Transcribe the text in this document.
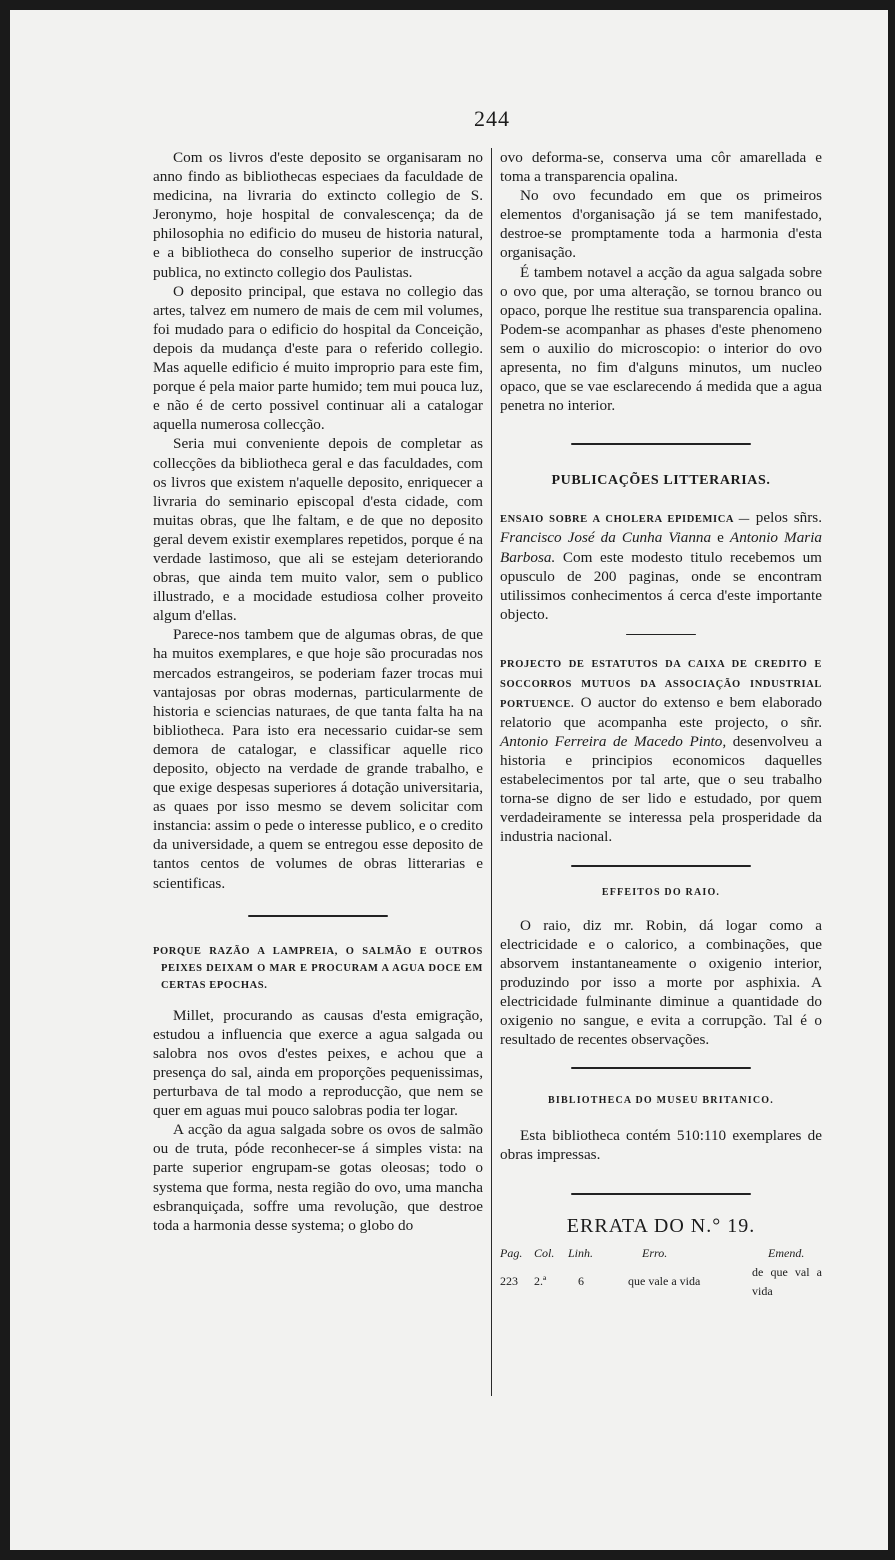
244

Com os livros d'este deposito se organisaram no anno findo as bibliothecas especiaes da faculdade de medicina, na livraria do extincto collegio de S. Jeronymo, hoje hospital de convalescença; da de philosophia no edificio do museu de historia natural, e a bibliotheca do conselho superior de instrucção publica, no extincto collegio dos Paulistas.

O deposito principal, que estava no collegio das artes, talvez em numero de mais de cem mil volumes, foi mudado para o edificio do hospital da Conceição, depois da mudança d'este para o referido collegio. Mas aquelle edificio é muito improprio para este fim, porque é pela maior parte humido; tem mui pouca luz, e não é de certo possivel continuar ali a catalogar aquella numerosa collecção.

Seria mui conveniente depois de completar as collecções da bibliotheca geral e das faculdades, com os livros que existem n'aquelle deposito, enriquecer a livraria do seminario episcopal d'esta cidade, com muitas obras, que lhe faltam, e de que no deposito geral devem existir exemplares repetidos, porque é na verdade lastimoso, que ali se estejam deteriorando obras, que ainda tem muito valor, sem o publico illustrado, e a mocidade estudiosa colher proveito algum d'ellas.

Parece-nos tambem que de algumas obras, de que ha muitos exemplares, e que hoje são procuradas nos mercados estrangeiros, se poderiam fazer trocas mui vantajosas por obras modernas, particularmente de historia e sciencias naturaes, de que tanta falta ha na bibliotheca. Para isto era necessario cuidar-se sem demora de catalogar, e classificar aquelle rico deposito, objecto na verdade de grande trabalho, e que exige despesas superiores á dotação universitaria, as quaes por isso mesmo se devem solicitar com instancia: assim o pede o interesse publico, e o credito da universidade, a quem se entregou esse deposito de tantos centos de volumes de obras litterarias e scientificas.

PORQUE RAZÃO A LAMPREIA, O SALMÃO E OUTROS PEIXES DEIXAM O MAR E PROCURAM A AGUA DOCE EM CERTAS EPOCHAS.

Millet, procurando as causas d'esta emigração, estudou a influencia que exerce a agua salgada ou salobra nos ovos d'estes peixes, e achou que a presença do sal, ainda em proporções pequenissimas, perturbava de tal modo a reproducção, que nem se quer em aguas mui pouco salobras podia ter logar.

A acção da agua salgada sobre os ovos de salmão ou de truta, póde reconhecer-se á simples vista: na parte superior engrupam-se gotas oleosas; todo o systema que forma, nesta região do ovo, uma mancha esbranquiçada, soffre uma revolução, que destroe toda a harmonia desse systema; o globo do

ovo deforma-se, conserva uma côr amarellada e toma a transparencia opalina.

No ovo fecundado em que os primeiros elementos d'organisação já se tem manifestado, destroe-se promptamente toda a harmonia d'esta organisação.

É tambem notavel a acção da agua salgada sobre o ovo que, por uma alteração, se tornou branco ou opaco, porque lhe restitue sua transparencia opalina. Podem-se acompanhar as phases d'este phenomeno sem o auxilio do microscopio: o interior do ovo apresenta, no fim d'alguns minutos, um nucleo opaco, que se vae esclarecendo á medida que a agua penetra no interior.

PUBLICAÇÕES LITTERARIAS.

ENSAIO SOBRE A CHOLERA EPIDEMICA — pelos sñrs. Francisco José da Cunha Vianna e Antonio Maria Barbosa. Com este modesto titulo recebemos um opusculo de 200 paginas, onde se encontram utilissimos conhecimentos á cerca d'este importante objecto.

PROJECTO DE ESTATUTOS DA CAIXA DE CREDITO E SOCCORROS MUTUOS DA ASSOCIAÇÃO INDUSTRIAL PORTUENCE. O auctor do extenso e bem elaborado relatorio que acompanha este projecto, o sñr. Antonio Ferreira de Macedo Pinto, desenvolveu a historia e principios economicos daquelles estabelecimentos por tal arte, que o seu trabalho torna-se digno de ser lido e estudado, por quem verdadeiramente se interessa pela prosperidade da industria nacional.

EFFEITOS DO RAIO.

O raio, diz mr. Robin, dá logar como a electricidade e o calorico, a combinações, que absorvem instantaneamente o oxigenio interior, produzindo por isso a morte por asphixia. A electricidade fulminante diminue a quantidade do oxigenio no sangue, e evita a corrupção. Tal é o resultado de recentes observações.

BIBLIOTHECA DO MUSEU BRITANICO.

Esta bibliotheca contém 510:110 exemplares de obras impressas.

ERRATA DO N.° 19.

Pag.	Col.	Linh.	Erro.	Emend.
223	2.ª	6	que vale a vida	de que val a vida
